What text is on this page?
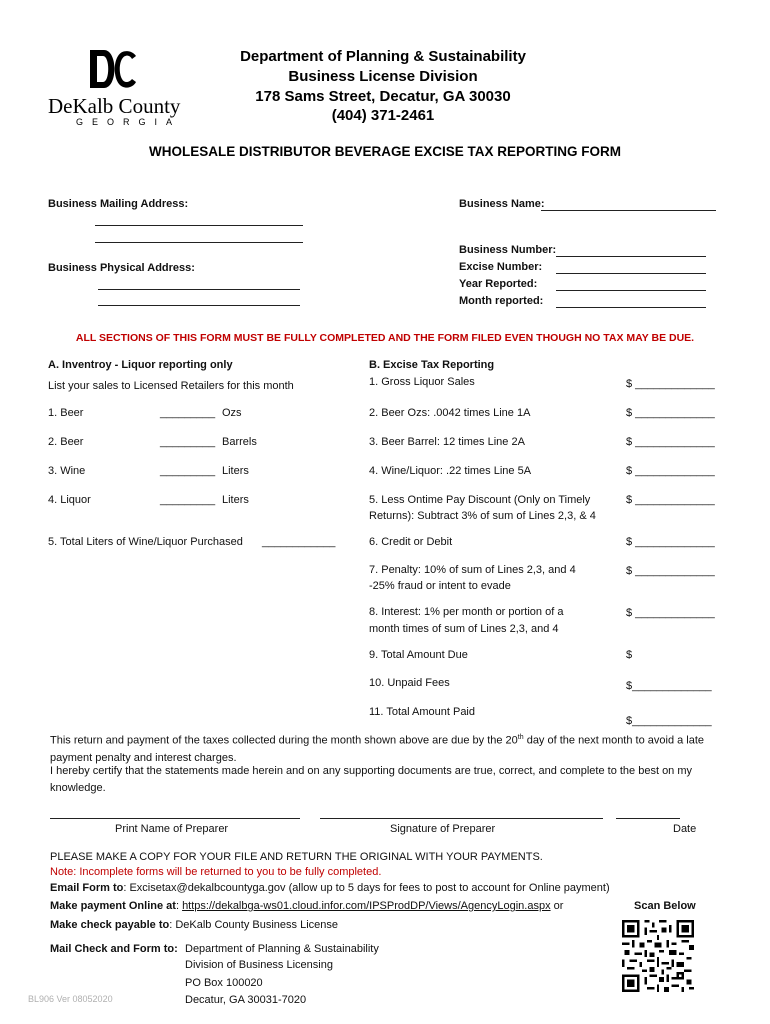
DeKalb County
GEORGIA
Department of Planning & Sustainability
Business License Division
178 Sams Street, Decatur, GA 30030
(404) 371-2461
WHOLESALE DISTRIBUTOR BEVERAGE EXCISE TAX REPORTING FORM
Business Mailing Address:	Business Name:
Business Physical Address:
Business Number:
Excise Number:
Year Reported:
Month reported:
ALL SECTIONS OF THIS FORM MUST BE FULLY COMPLETED AND THE FORM FILED EVEN THOUGH NO TAX MAY BE DUE.
A. Inventroy - Liquor reporting only
List your sales to Licensed Retailers for this month
1. Beer	_________ Ozs
2. Beer	_________ Barrels
3. Wine	_________ Liters
4. Liquor	_________ Liters
5. Total Liters of Wine/Liquor Purchased ____________
B. Excise Tax Reporting
1. Gross Liquor Sales	$ _____________
2. Beer Ozs: .0042 times Line 1A	$ _____________
3. Beer Barrel: 12 times Line 2A	$ _____________
4. Wine/Liquor: .22 times Line 5A	$ _____________
5. Less Ontime Pay Discount (Only on Timely
Returns): Subtract 3% of sum of Lines 2,3, & 4
$ _____________
6. Credit or Debit	$ _____________
7. Penalty: 10% of sum of Lines 2,3, and 4
-25% fraud or intent to evade
$ _____________
8. Interest: 1% per month or portion of a
month times of sum of Lines 2,3, and 4
$ _____________
9. Total Amount Due	$
10. Unpaid Fees	$_____________
11. Total Amount Paid
$_____________
This return and payment of the taxes collected during the month shown above are due by the 20th day of the next month to avoid a late payment penalty and interest charges.
I hereby certify that the statements made herein and on any supporting documents are true, correct, and complete to the best on my knowledge.
Print Name of Preparer	Signature of Preparer	Date
PLEASE MAKE A COPY FOR YOUR FILE AND RETURN THE ORIGINAL WITH YOUR PAYMENTS.
Note: Incomplete forms will be returned to you to be fully completed.
Email Form to: Excisetax@dekalbcountyga.gov (allow up to 5 days for fees to post to account for Online payment)
Make payment Online at: https://dekalbga-ws01.cloud.infor.com/IPSProdDP/Views/AgencyLogin.aspx or
Make check payable to: DeKalb County Business License
Mail Check and Form to: Department of Planning & Sustainability
Division of Business Licensing
PO Box 100020
Decatur, GA 30031-7020
BL906 Ver 08052020
Scan Below
